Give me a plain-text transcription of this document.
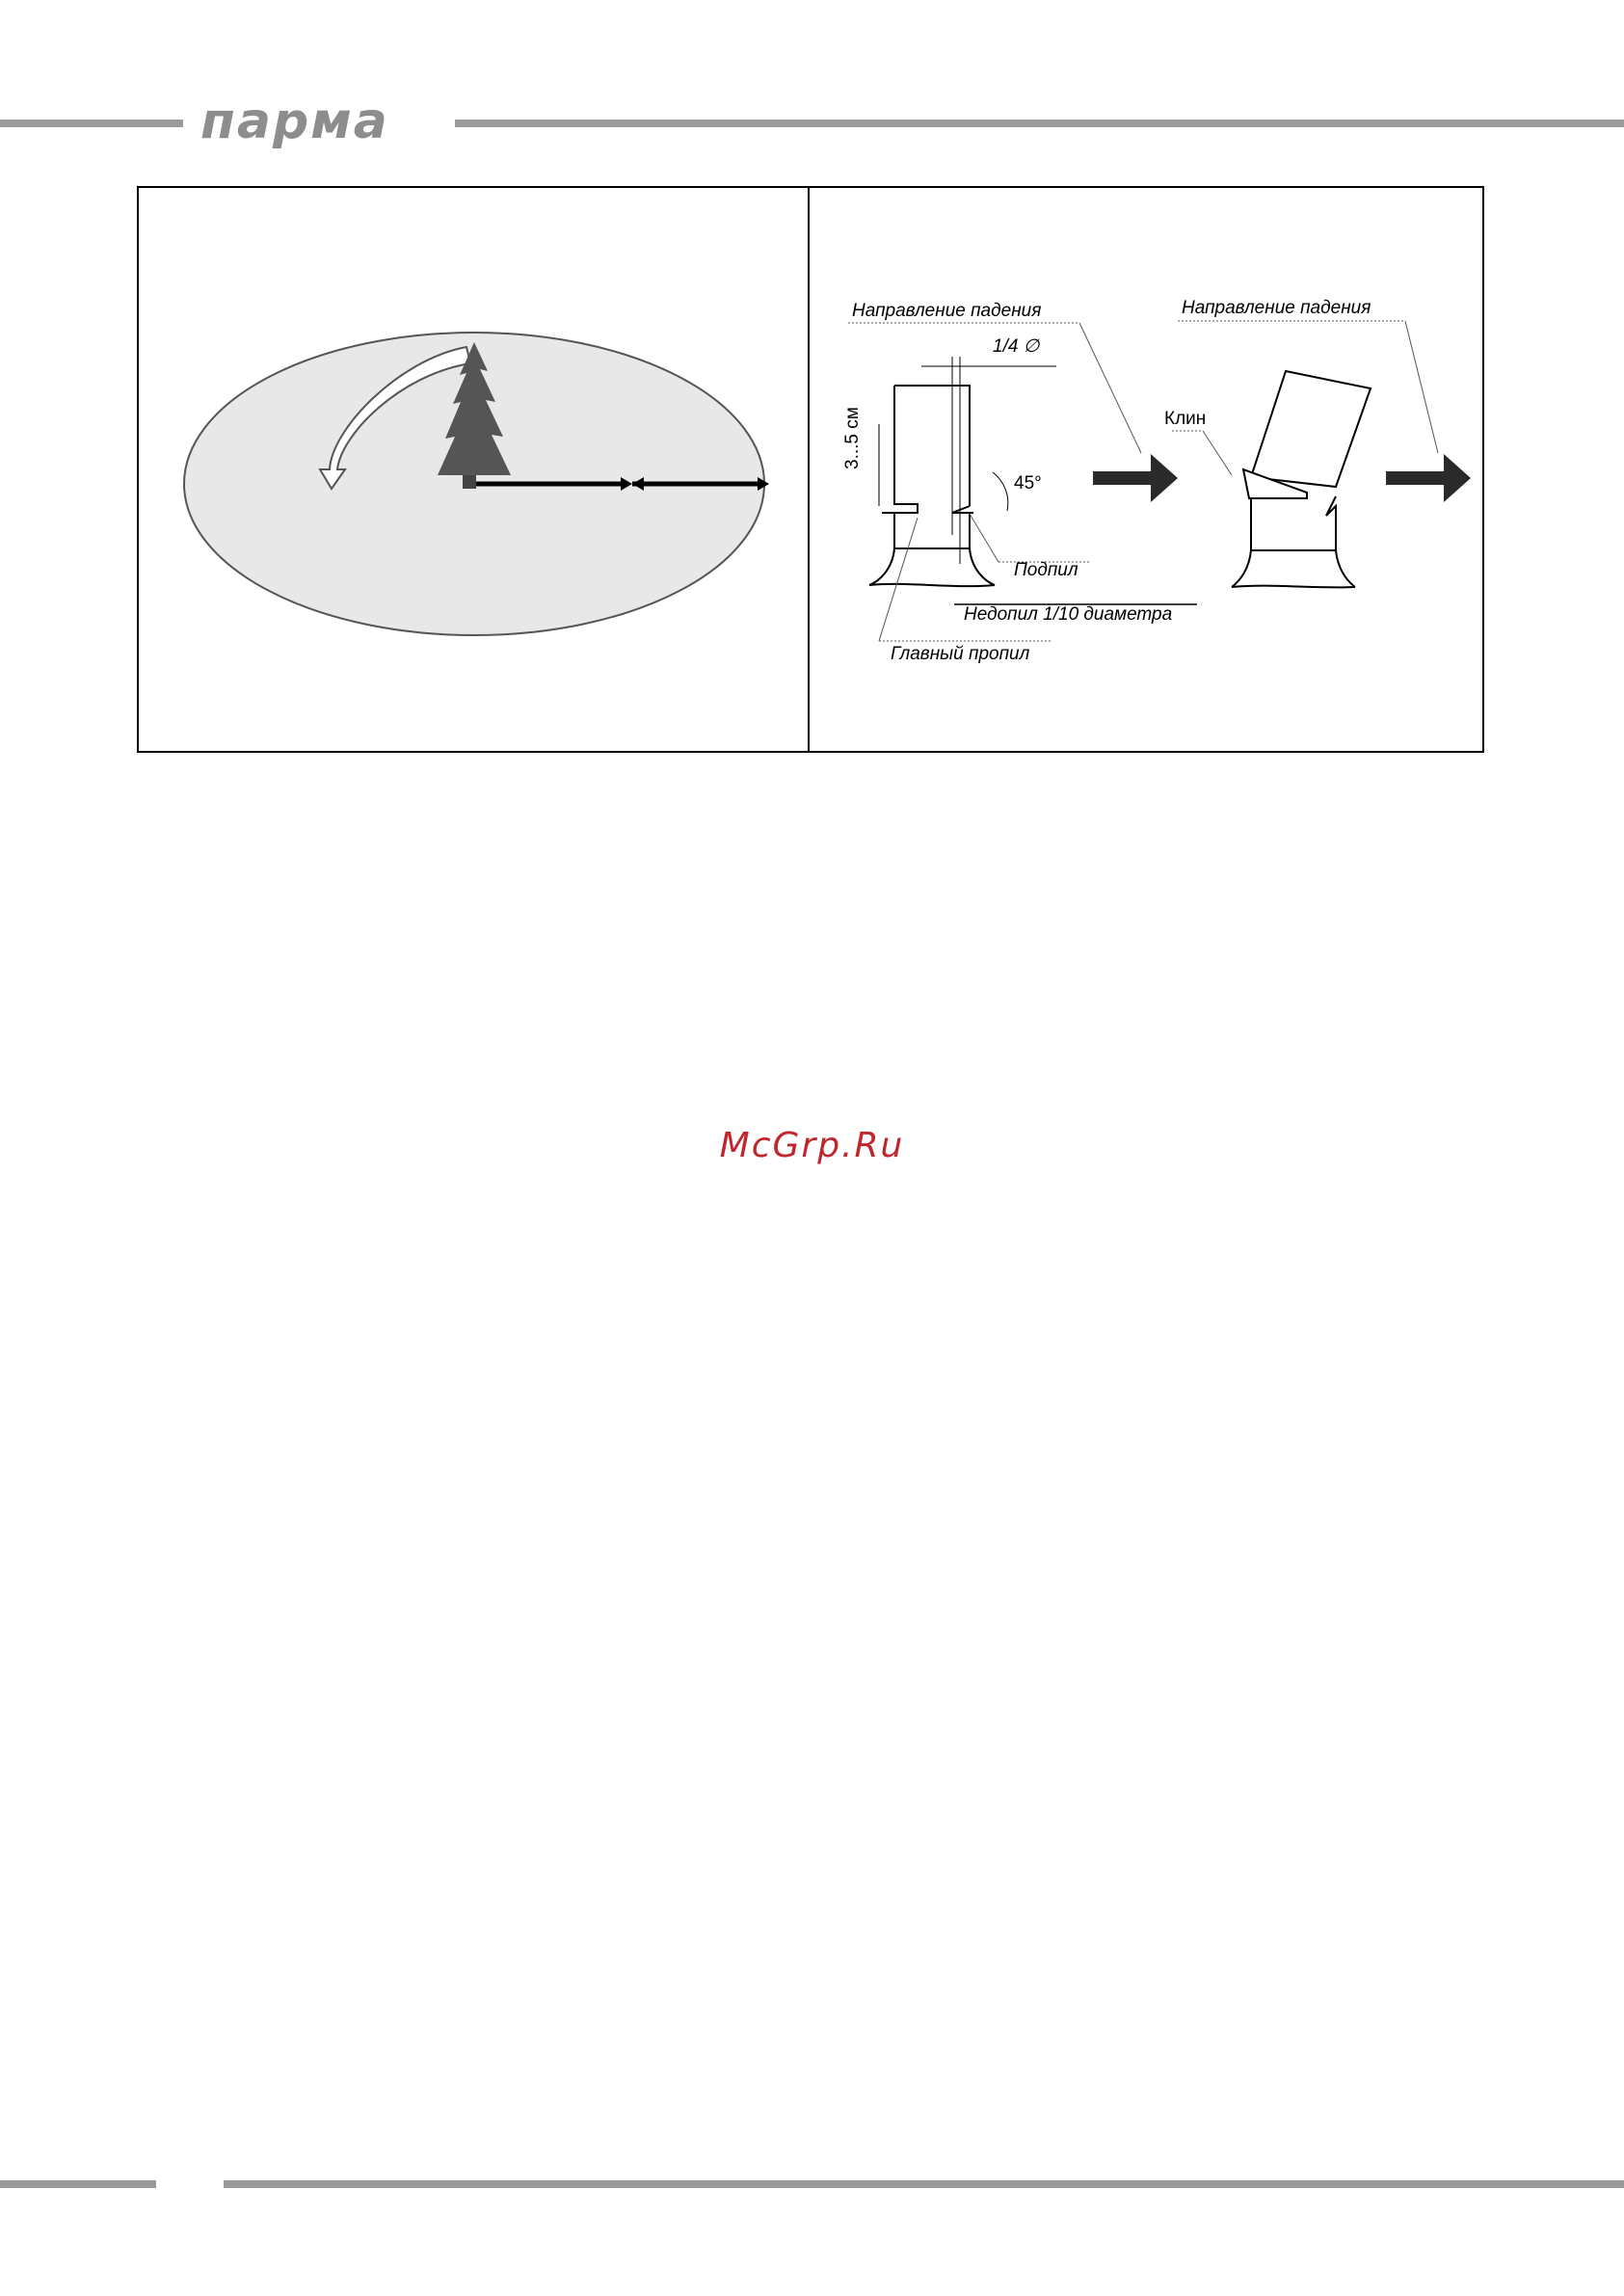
парма
Направление падения
1/4 ∅
3...5 см
45°
Подпил
Недопил 1/10 диаметра
Главный пропил
Направление падения
Клин
McGrp.Ru
